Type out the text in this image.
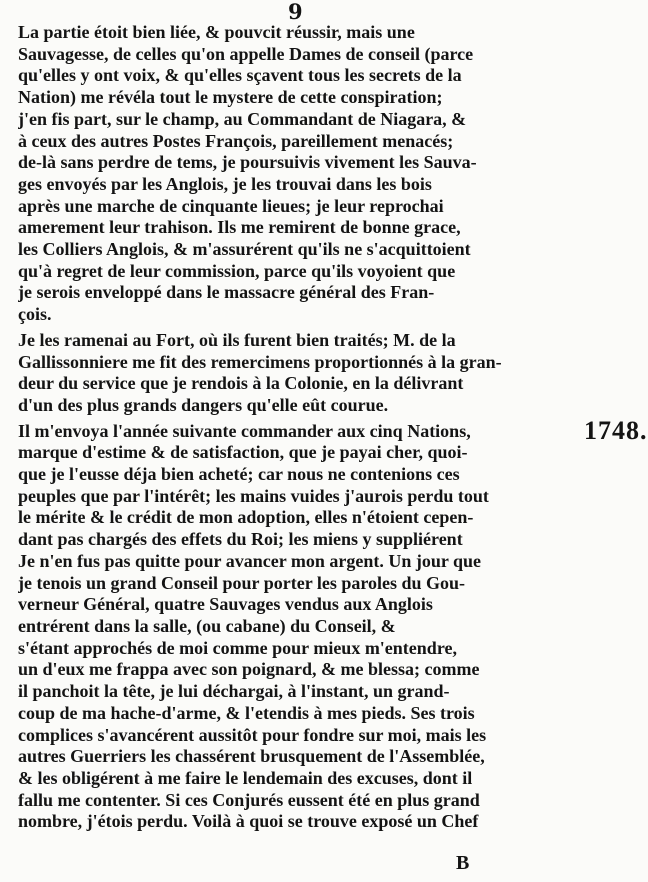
9
La partie étoit bien liée, & pouvcit réussir, mais une
Sauvagesse, de celles qu'on appelle Dames de conseil (parce
qu'elles y ont voix, & qu'elles sçavent tous les secrets de la
Nation) me révéla tout le mystere de cette conspiration;
j'en fis part, sur le champ, au Commandant de Niagara, &
à ceux des autres Postes François, pareillement menacés;
de-là sans perdre de tems, je poursuivis vivement les Sauva-
ges envoyés par les Anglois, je les trouvai dans les bois
après une marche de cinquante lieues; je leur reprochai
amerement leur trahison. Ils me remirent de bonne grace,
les Colliers Anglois, & m'assurérent qu'ils ne s'acquittoient
qu'à regret de leur commission, parce qu'ils voyoient que
je serois enveloppé dans le massacre général des Fran-
çois.
Je les ramenai au Fort, où ils furent bien traités; M. de la
Gallissonniere me fit des remercimens proportionnés à la gran-
deur du service que je rendois à la Colonie, en la délivrant
d'un des plus grands dangers qu'elle eût courue.
Il m'envoya l'année suivante commander aux cinq Nations,
marque d'estime & de satisfaction, que je payai cher, quoi-
que je l'eusse déja bien acheté; car nous ne contenions ces
peuples que par l'intérêt; les mains vuides j'aurois perdu tout
le mérite & le crédit de mon adoption, elles n'étoient cepen-
dant pas chargés des effets du Roi; les miens y suppliérent
Je n'en fus pas quitte pour avancer mon argent. Un jour que
je tenois un grand Conseil pour porter les paroles du Gou-
verneur Général, quatre Sauvages vendus aux Anglois
entrérent dans la salle, (ou cabane) du Conseil, &
s'étant approchés de moi comme pour mieux m'entendre,
un d'eux me frappa avec son poignard, & me blessa; comme
il panchoit la tête, je lui déchargai, à l'instant, un grand-
coup de ma hache-d'arme, & l'etendis à mes pieds. Ses trois
complices s'avancérent aussitôt pour fondre sur moi, mais les
autres Guerriers les chassérent brusquement de l'Assemblée,
& les obligérent à me faire le lendemain des excuses, dont il
fallu me contenter. Si ces Conjurés eussent été en plus grand
nombre, j'étois perdu. Voilà à quoi se trouve exposé un Chef
1748.
B
